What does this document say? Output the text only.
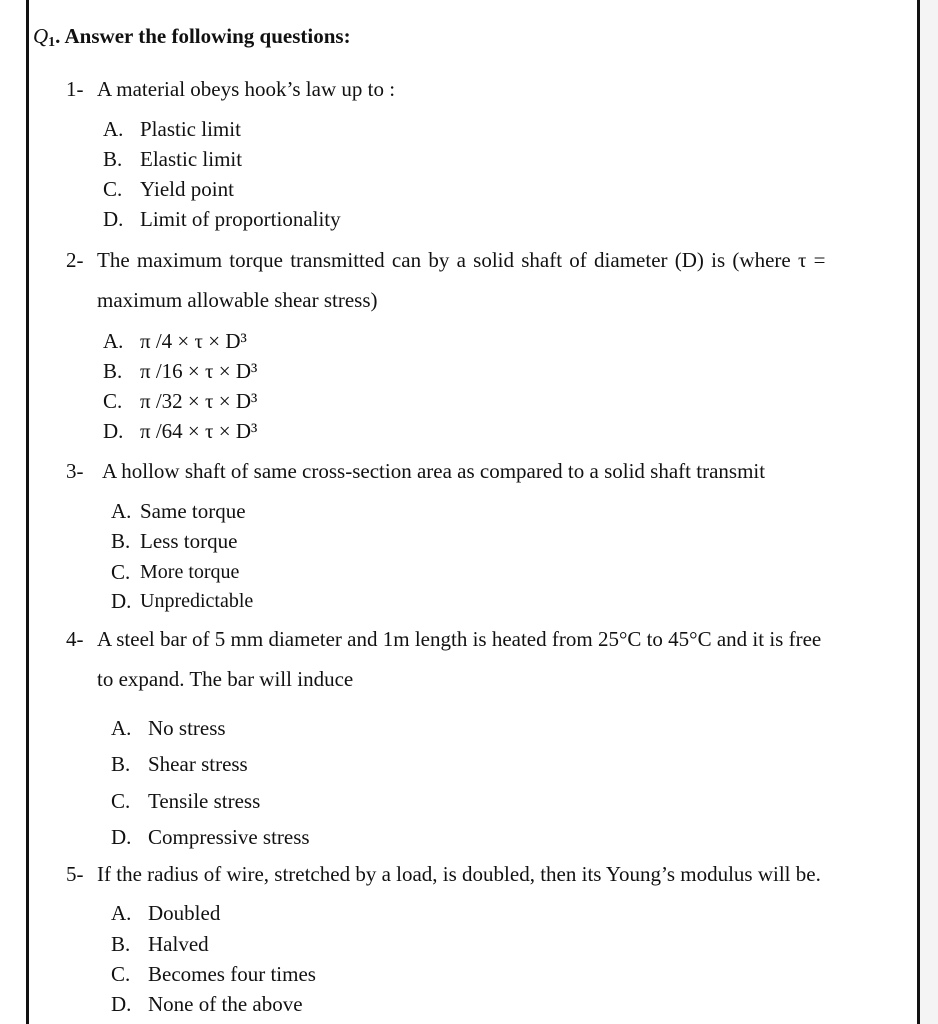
$Q_1$. Answer the following questions:
1- A material obeys hook’s law up to :
A. Plastic limit
B. Elastic limit
C. Yield point
D. Limit of proportionality
2- The maximum torque transmitted can by a solid shaft of diameter (D) is (where τ =
maximum allowable shear stress)
A. π /4 × τ × D³
B. π /16 × τ × D³
C. π /32 × τ × D³
D. π /64 × τ × D³
3- A hollow shaft of same cross-section area as compared to a solid shaft transmit
A. Same torque
B. Less torque
C. More torque
D. Unpredictable
4- A steel bar of 5 mm diameter and 1m length is heated from 25°C to 45°C and it is free
to expand. The bar will induce
A. No stress
B. Shear stress
C. Tensile stress
D. Compressive stress
5- If the radius of wire, stretched by a load, is doubled, then its Young’s modulus will be.
A. Doubled
B. Halved
C. Becomes four times
D. None of the above
